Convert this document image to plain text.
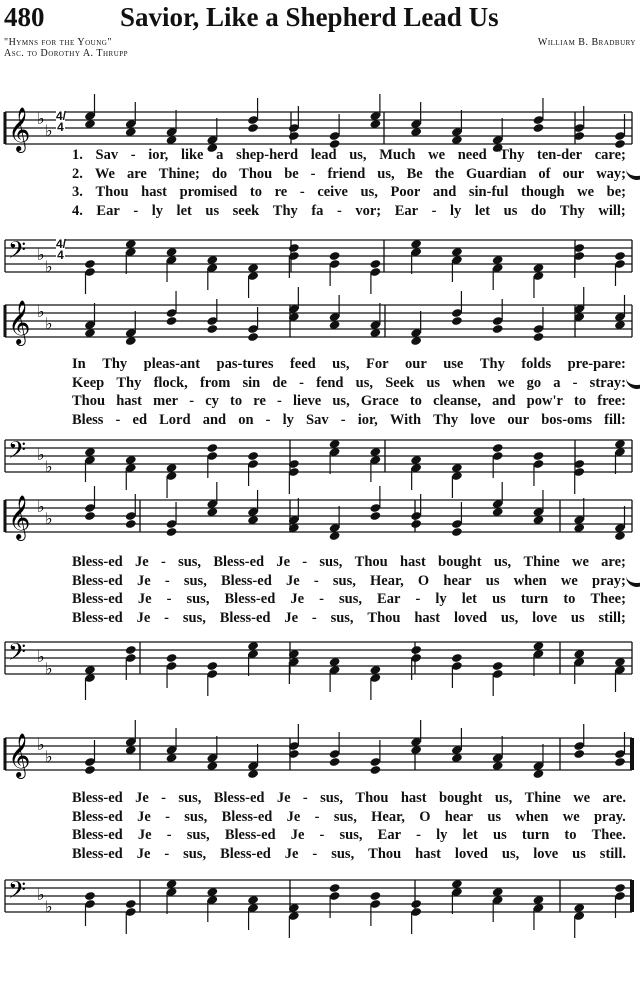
𝄞 ♭
♭
𝄢 ♭
♭
𝄞 ♭
♭
𝄢 ♭
♭
𝄞 ♭
♭
𝄢 ♭
♭
𝄞 ♭
♭
𝄢 ♭
♭
480	Savior, Like a Shepherd Lead Us
"Hymns for the Young"
Asc. to Dorothy A. Thrupp
William B. Bradbury
4/4
4/4
1. Sav - ior, like a shep-herd lead us, Much we need Thy ten-der care;
2. We are Thine; do Thou be - friend us, Be the Guardian of our way;
3. Thou hast promised to re - ceive us, Poor and sin-ful though we be;
4. Ear - ly let us seek Thy fa - vor; Ear - ly let us do Thy will;
In Thy pleas-ant pas-tures feed us, For our use Thy folds pre-pare:
Keep Thy flock, from sin de - fend us, Seek us when we go a - stray:
Thou hast mer - cy to re - lieve us, Grace to cleanse, and pow'r to free:
Bless - ed Lord and on - ly Sav - ior, With Thy love our bos-oms fill:
Bless-ed Je - sus, Bless-ed Je - sus, Thou hast bought us, Thine we are;
Bless-ed Je - sus, Bless-ed Je - sus, Hear, O hear us when we pray;
Bless-ed Je - sus, Bless-ed Je - sus, Ear - ly let us turn to Thee;
Bless-ed Je - sus, Bless-ed Je - sus, Thou hast loved us, love us still;
Bless-ed Je - sus, Bless-ed Je - sus, Thou hast bought us, Thine we are.
Bless-ed Je - sus, Bless-ed Je - sus, Hear, O hear us when we pray.
Bless-ed Je - sus, Bless-ed Je - sus, Ear - ly let us turn to Thee.
Bless-ed Je - sus, Bless-ed Je - sus, Thou hast loved us, love us still.
